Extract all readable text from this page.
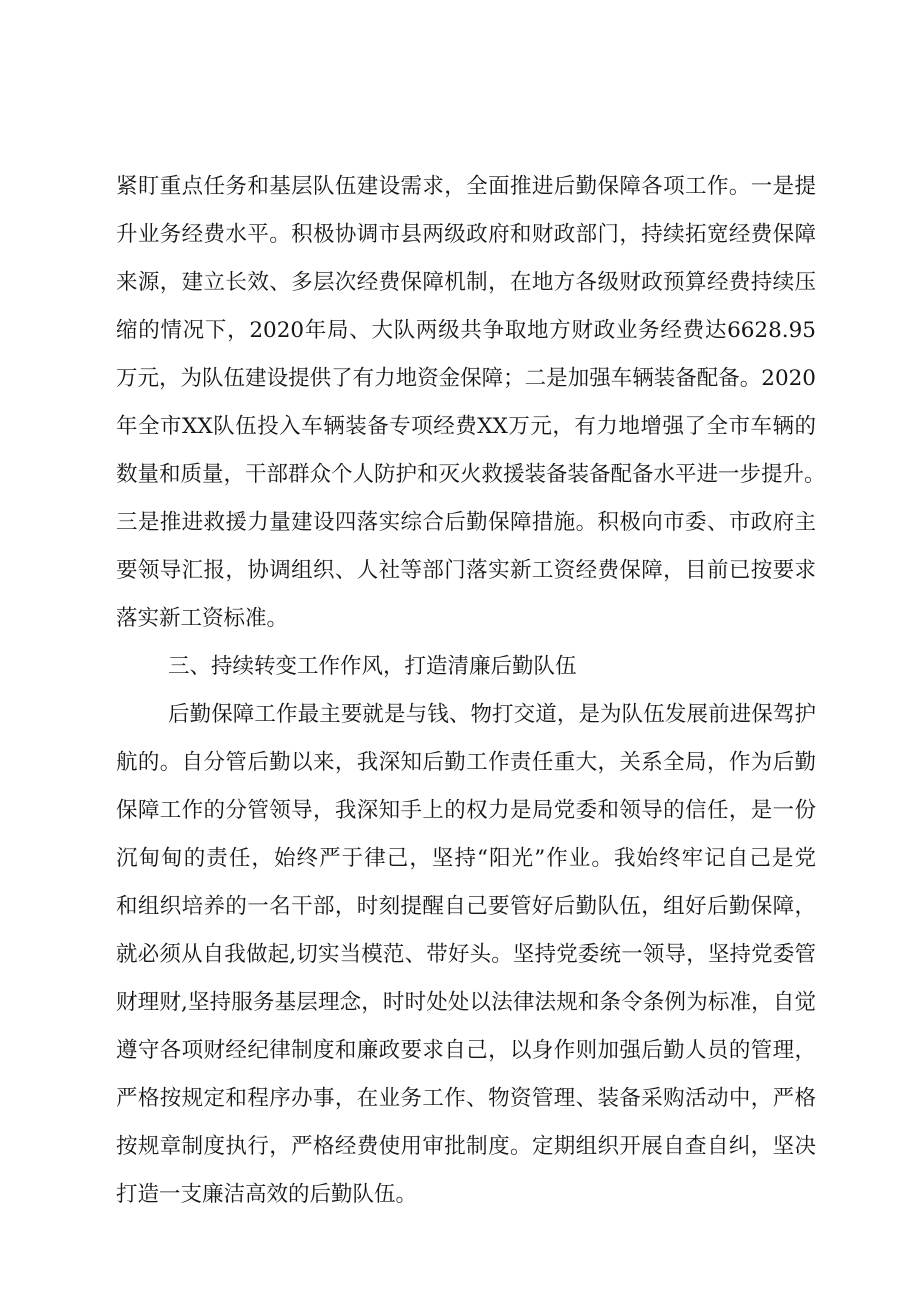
紧盯重点任务和基层队伍建设需求，全面推进后勤保障各项工作。一是提
升业务经费水平。积极协调市县两级政府和财政部门，持续拓宽经费保障
来源，建立长效、多层次经费保障机制，在地方各级财政预算经费持续压
缩的情况下，2020年局、大队两级共争取地方财政业务经费达6628.95
万元，为队伍建设提供了有力地资金保障；二是加强车辆装备配备。2020
年全市XX队伍投入车辆装备专项经费XX万元，有力地增强了全市车辆的
数量和质量，干部群众个人防护和灭火救援装备装备配备水平进一步提升。
三是推进救援力量建设四落实综合后勤保障措施。积极向市委、市政府主
要领导汇报，协调组织、人社等部门落实新工资经费保障，目前已按要求
落实新工资标准。
三、持续转变工作作风，打造清廉后勤队伍
后勤保障工作最主要就是与钱、物打交道，是为队伍发展前进保驾护
航的。自分管后勤以来，我深知后勤工作责任重大，关系全局，作为后勤
保障工作的分管领导，我深知手上的权力是局党委和领导的信任，是一份
沉甸甸的责任，始终严于律己，坚持“阳光”作业。我始终牢记自己是党
和组织培养的一名干部，时刻提醒自己要管好后勤队伍，组好后勤保障，
就必须从自我做起,切实当模范、带好头。坚持党委统一领导，坚持党委管
财理财,坚持服务基层理念，时时处处以法律法规和条令条例为标准，自觉
遵守各项财经纪律制度和廉政要求自己，以身作则加强后勤人员的管理，
严格按规定和程序办事，在业务工作、物资管理、装备采购活动中，严格
按规章制度执行，严格经费使用审批制度。定期组织开展自查自纠，坚决
打造一支廉洁高效的后勤队伍。
